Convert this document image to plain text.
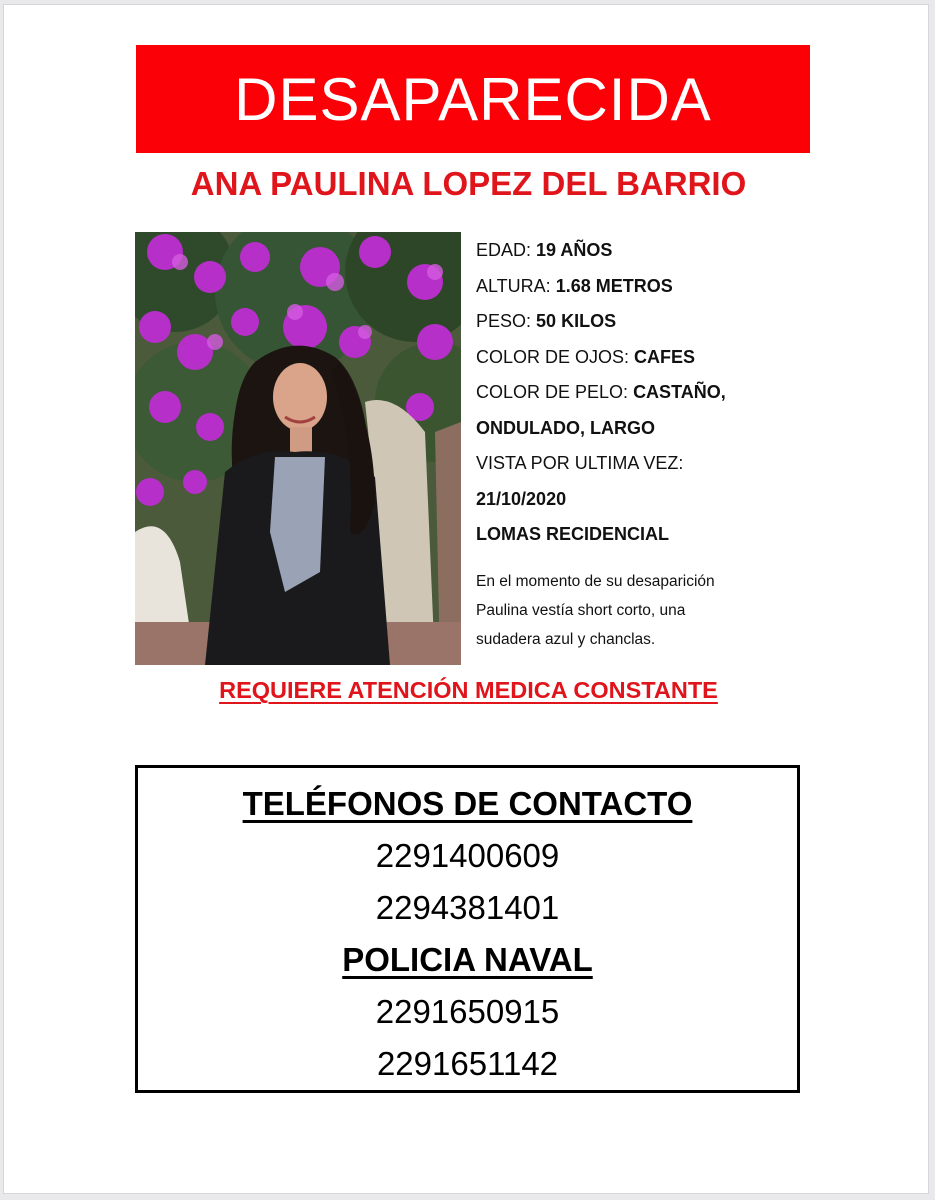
DESAPARECIDA
ANA PAULINA LOPEZ DEL BARRIO
EDAD: 19 AÑOS
ALTURA: 1.68 METROS
PESO: 50 KILOS
COLOR DE OJOS: CAFES
COLOR DE PELO: CASTAÑO,
ONDULADO, LARGO
VISTA POR ULTIMA VEZ:
21/10/2020
LOMAS RECIDENCIAL
En el momento de su desaparición
Paulina vestía short corto, una
sudadera azul y chanclas.
REQUIERE ATENCIÓN MEDICA CONSTANTE
TELÉFONOS DE CONTACTO
2291400609
2294381401
POLICIA NAVAL
2291650915
2291651142
